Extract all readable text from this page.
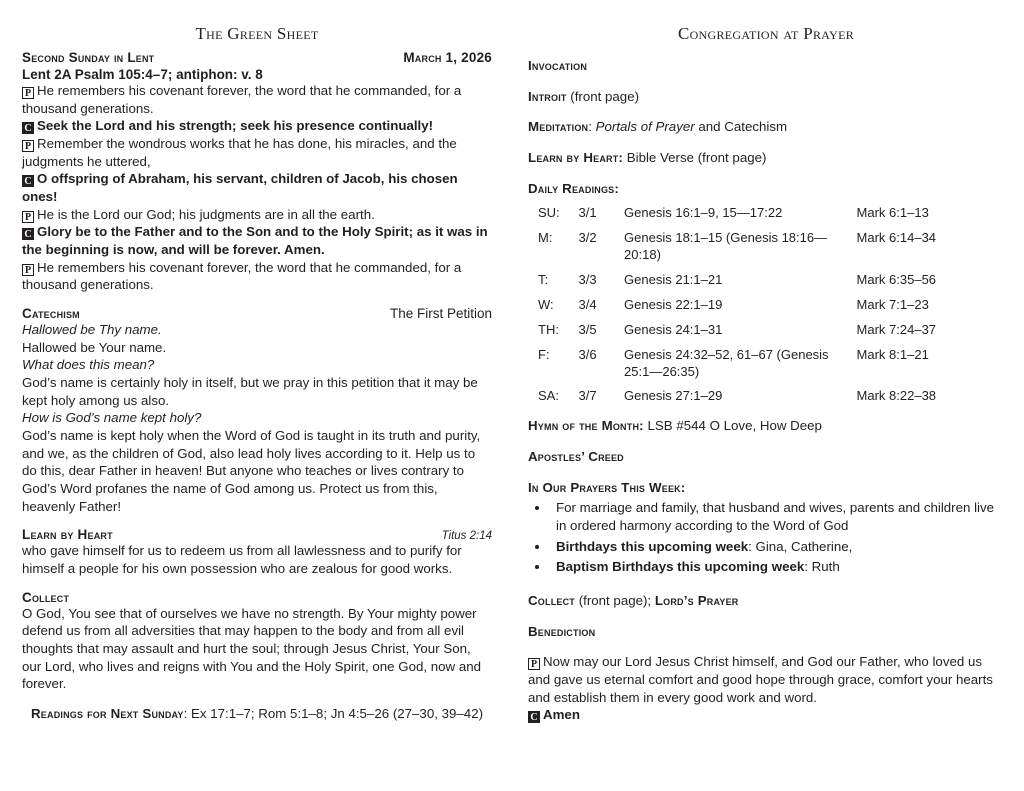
The Green Sheet
Second Sunday in Lent	March 1, 2026
Lent 2A Psalm 105:4–7; antiphon: v. 8
P He remembers his covenant forever, the word that he commanded, for a thousand generations.
C Seek the Lord and his strength; seek his presence continually!
P Remember the wondrous works that he has done, his miracles, and the judgments he uttered,
C O offspring of Abraham, his servant, children of Jacob, his chosen ones!
P He is the Lord our God; his judgments are in all the earth.
C Glory be to the Father and to the Son and to the Holy Spirit; as it was in the beginning is now, and will be forever. Amen.
P He remembers his covenant forever, the word that he commanded, for a thousand generations.
Catechism	The First Petition
Hallowed be Thy name.
Hallowed be Your name.
What does this mean?
God’s name is certainly holy in itself, but we pray in this petition that it may be kept holy among us also.
How is God’s name kept holy?
God’s name is kept holy when the Word of God is taught in its truth and purity, and we, as the children of God, also lead holy lives according to it. Help us to do this, dear Father in heaven! But anyone who teaches or lives contrary to God’s Word profanes the name of God among us. Protect us from this, heavenly Father!
Learn by Heart	Titus 2:14
who gave himself for us to redeem us from all lawlessness and to purify for himself a people for his own possession who are zealous for good works.
Collect
O God, You see that of ourselves we have no strength. By Your mighty power defend us from all adversities that may happen to the body and from all evil thoughts that may assault and hurt the soul; through Jesus Christ, Your Son, our Lord, who lives and reigns with You and the Holy Spirit, one God, now and forever.
Readings for Next Sunday: Ex 17:1–7; Rom 5:1–8; Jn 4:5–26 (27–30, 39–42)
Congregation at Prayer
Invocation
Introit (front page)
Meditation: Portals of Prayer and Catechism
Learn by Heart: Bible Verse (front page)
Daily Readings:
SU:	3/1	Genesis 16:1–9, 15—17:22	Mark 6:1–13
M:	3/2	Genesis 18:1–15 (Genesis 18:16—20:18)	Mark 6:14–34
T:	3/3	Genesis 21:1–21	Mark 6:35–56
W:	3/4	Genesis 22:1–19	Mark 7:1–23
TH:	3/5	Genesis 24:1–31	Mark 7:24–37
F:	3/6	Genesis 24:32–52, 61–67 (Genesis 25:1—26:35)	Mark 8:1–21
SA:	3/7	Genesis 27:1–29	Mark 8:22–38
Hymn of the Month: LSB #544 O Love, How Deep
Apostles’ Creed
In Our Prayers This Week:
• For marriage and family, that husband and wives, parents and children live in ordered harmony according to the Word of God
• Birthdays this upcoming week: Gina, Catherine,
• Baptism Birthdays this upcoming week: Ruth
Collect (front page); Lord’s Prayer
Benediction
P Now may our Lord Jesus Christ himself, and God our Father, who loved us and gave us eternal comfort and good hope through grace, comfort your hearts and establish them in every good work and word.
C Amen
